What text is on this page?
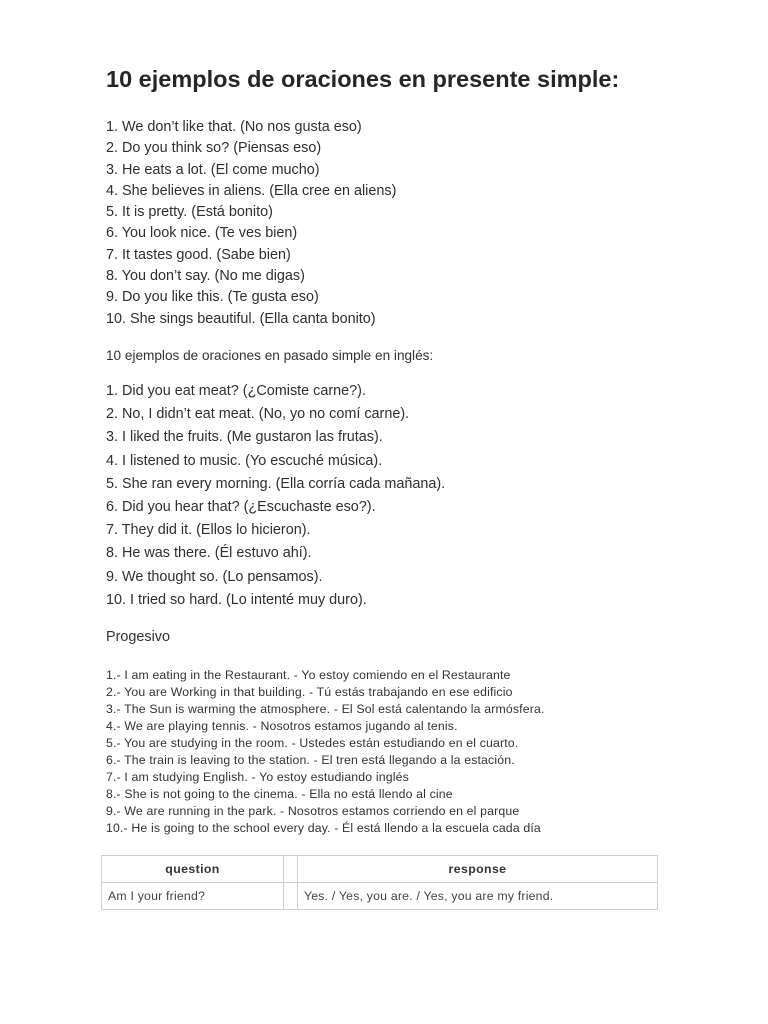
10 ejemplos de oraciones en presente simple:
1. We don’t like that. (No nos gusta eso)
2. Do you think so? (Piensas eso)
3. He eats a lot. (El come mucho)
4. She believes in aliens. (Ella cree en aliens)
5. It is pretty. (Está bonito)
6. You look nice. (Te ves bien)
7. It tastes good. (Sabe bien)
8. You don’t say. (No me digas)
9. Do you like this. (Te gusta eso)
10. She sings beautiful. (Ella canta bonito)
10 ejemplos de oraciones en pasado simple en inglés:
1. Did you eat meat? (¿Comiste carne?).
2. No, I didn’t eat meat. (No, yo no comí carne).
3. I liked the fruits. (Me gustaron las frutas).
4. I listened to music. (Yo escuché música).
5. She ran every morning. (Ella corría cada mañana).
6. Did you hear that? (¿Escuchaste eso?).
7. They did it. (Ellos lo hicieron).
8. He was there. (Él estuvo ahí).
9. We thought so. (Lo pensamos).
10. I tried so hard. (Lo intenté muy duro).
Progesivo
1.- I am eating in the Restaurant. - Yo estoy comiendo en el Restaurante
2.- You are Working in that building. - Tú estás trabajando en ese edificio
3.- The Sun is warming the atmosphere. - El Sol está calentando la armósfera.
4.- We are playing tennis. - Nosotros estamos jugando al tenis.
5.- You are studying in the room. - Ustedes están estudiando en el cuarto.
6.- The train is leaving to the station. - El tren está llegando a la estación.
7.- I am studying English. - Yo estoy estudiando inglés
8.- She is not going to the cinema. - Ella no está llendo al cine
9.- We are running in the park. - Nosotros estamos corriendo en el parque
10.- He is going to the school every day. - Él está llendo a la escuela cada día
question		response
Am I your friend?		Yes. / Yes, you are. / Yes, you are my friend.
